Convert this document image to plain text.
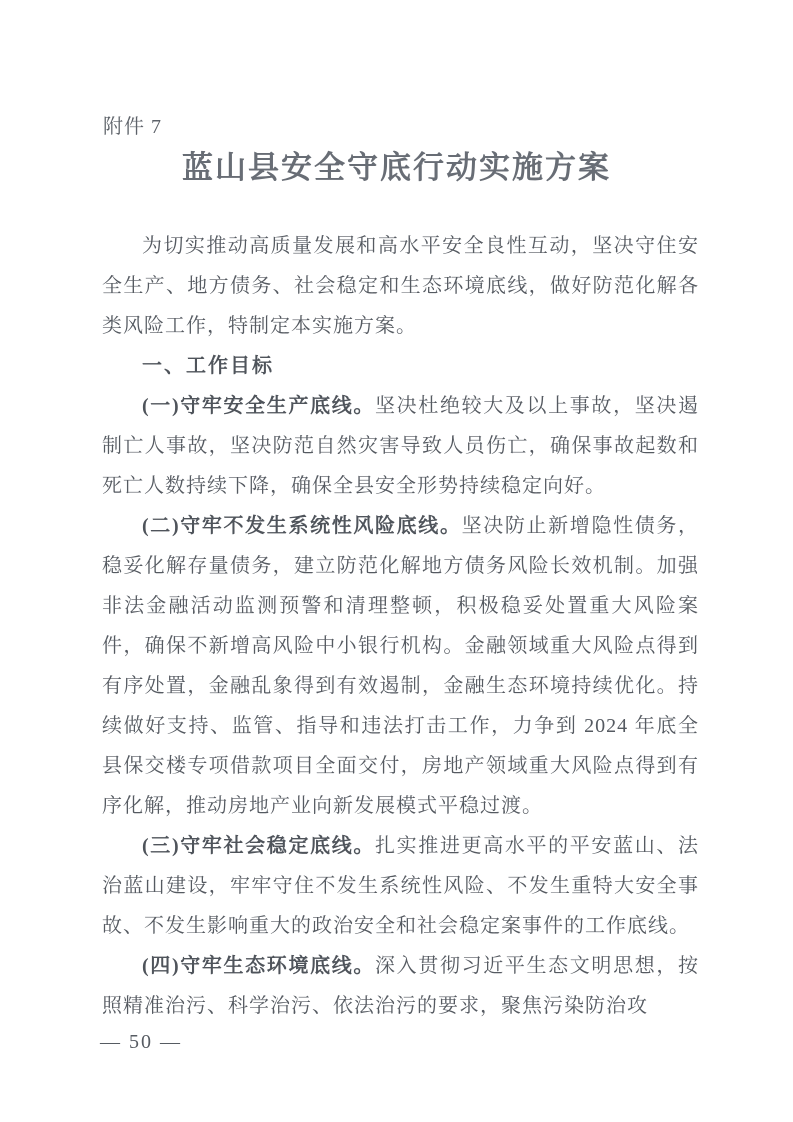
附件 7
蓝山县安全守底行动实施方案

为切实推动高质量发展和高水平安全良性互动，坚决守住安全生产、地方债务、社会稳定和生态环境底线，做好防范化解各类风险工作，特制定本实施方案。

一、工作目标

(一)守牢安全生产底线。坚决杜绝较大及以上事故，坚决遏制亡人事故，坚决防范自然灾害导致人员伤亡，确保事故起数和死亡人数持续下降，确保全县安全形势持续稳定向好。

(二)守牢不发生系统性风险底线。坚决防止新增隐性债务，稳妥化解存量债务，建立防范化解地方债务风险长效机制。加强非法金融活动监测预警和清理整顿，积极稳妥处置重大风险案件，确保不新增高风险中小银行机构。金融领域重大风险点得到有序处置，金融乱象得到有效遏制，金融生态环境持续优化。持续做好支持、监管、指导和违法打击工作，力争到 2024 年底全县保交楼专项借款项目全面交付，房地产领域重大风险点得到有序化解，推动房地产业向新发展模式平稳过渡。

(三)守牢社会稳定底线。扎实推进更高水平的平安蓝山、法治蓝山建设，牢牢守住不发生系统性风险、不发生重特大安全事故、不发生影响重大的政治安全和社会稳定案事件的工作底线。

(四)守牢生态环境底线。深入贯彻习近平生态文明思想，按照精准治污、科学治污、依法治污的要求，聚焦污染防治攻

— 50 —
